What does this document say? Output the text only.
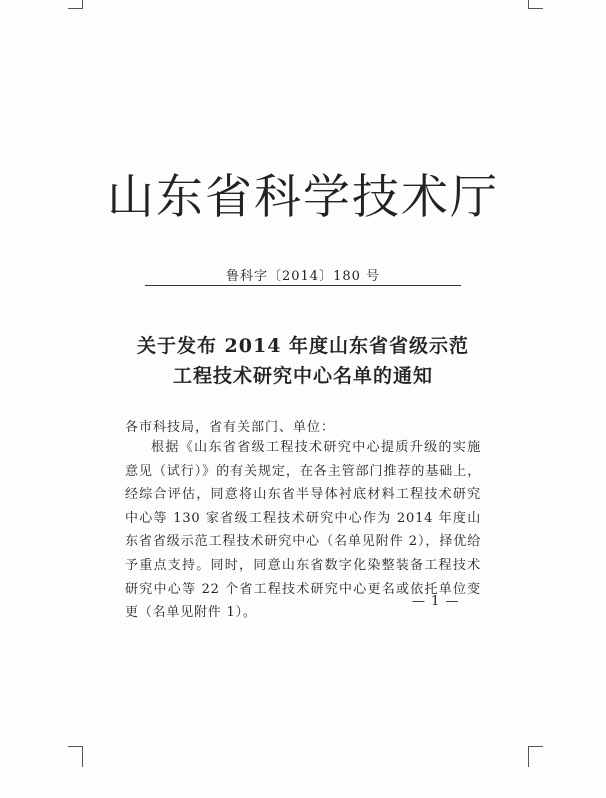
山东省科学技术厅
鲁科字〔2014〕180 号
关于发布 2014 年度山东省省级示范
工程技术研究中心名单的通知
各市科技局，省有关部门、单位：

根据《山东省省级工程技术研究中心提质升级的实施意见（试行）》的有关规定，在各主管部门推荐的基础上，经综合评估，同意将山东省半导体衬底材料工程技术研究中心等 130 家省级工程技术研究中心作为 2014 年度山东省省级示范工程技术研究中心（名单见附件 2），择优给予重点支持。同时，同意山东省数字化染整装备工程技术研究中心等 22 个省工程技术研究中心更名或依托单位变更（名单见附件 1）。

— 1 —
